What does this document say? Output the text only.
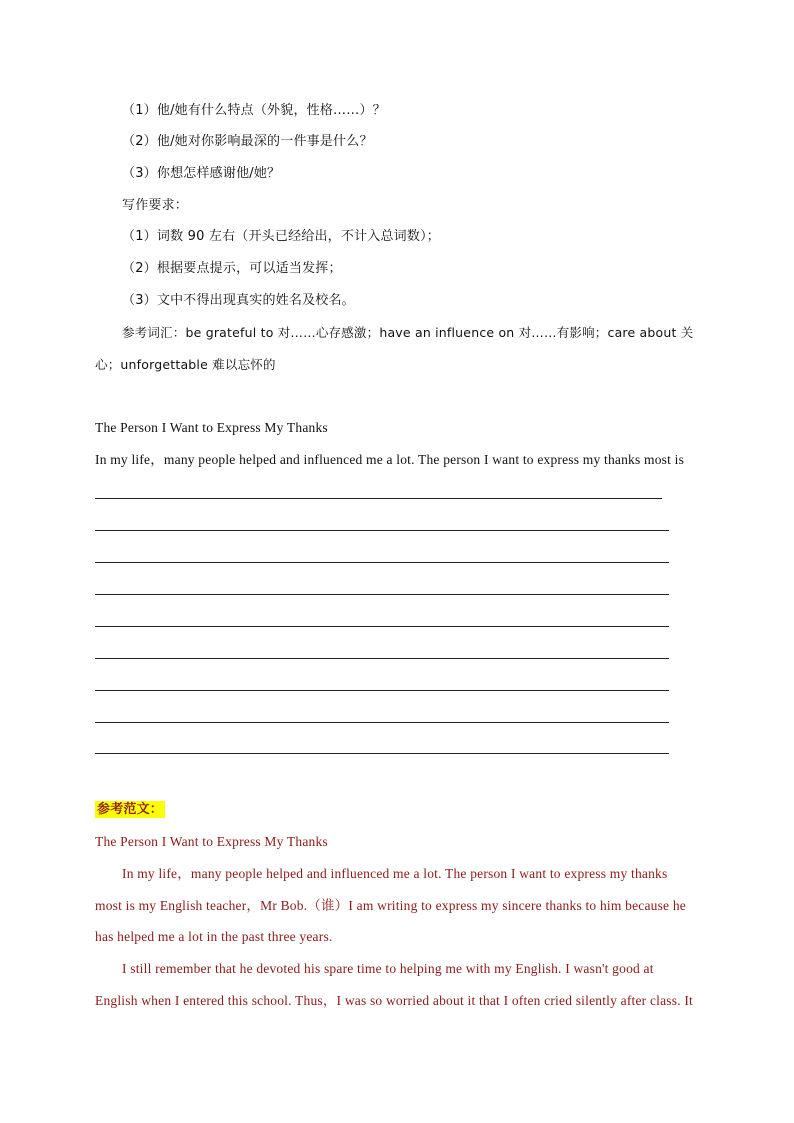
（1）他/她有什么特点（外貌，性格……）？
（2）他/她对你影响最深的一件事是什么？
（3）你想怎样感谢他/她？
写作要求：
（1）词数 90 左右（开头已经给出，不计入总词数）；
（2）根据要点提示，可以适当发挥；
（3）文中不得出现真实的姓名及校名。
参考词汇：be grateful to 对……心存感激；have an influence on 对……有影响；care about 关
心；unforgettable 难以忘怀的
The Person I Want to Express My Thanks
In my life，many people helped and influenced me a lot. The person I want to express my thanks most is
参考范文：
The Person I Want to Express My Thanks
In my life，many people helped and influenced me a lot. The person I want to express my thanks
most is my English teacher，Mr Bob.（谁）I am writing to express my sincere thanks to him because he
has helped me a lot in the past three years.
I still remember that he devoted his spare time to helping me with my English. I wasn't good at
English when I entered this school. Thus，I was so worried about it that I often cried silently after class. It
